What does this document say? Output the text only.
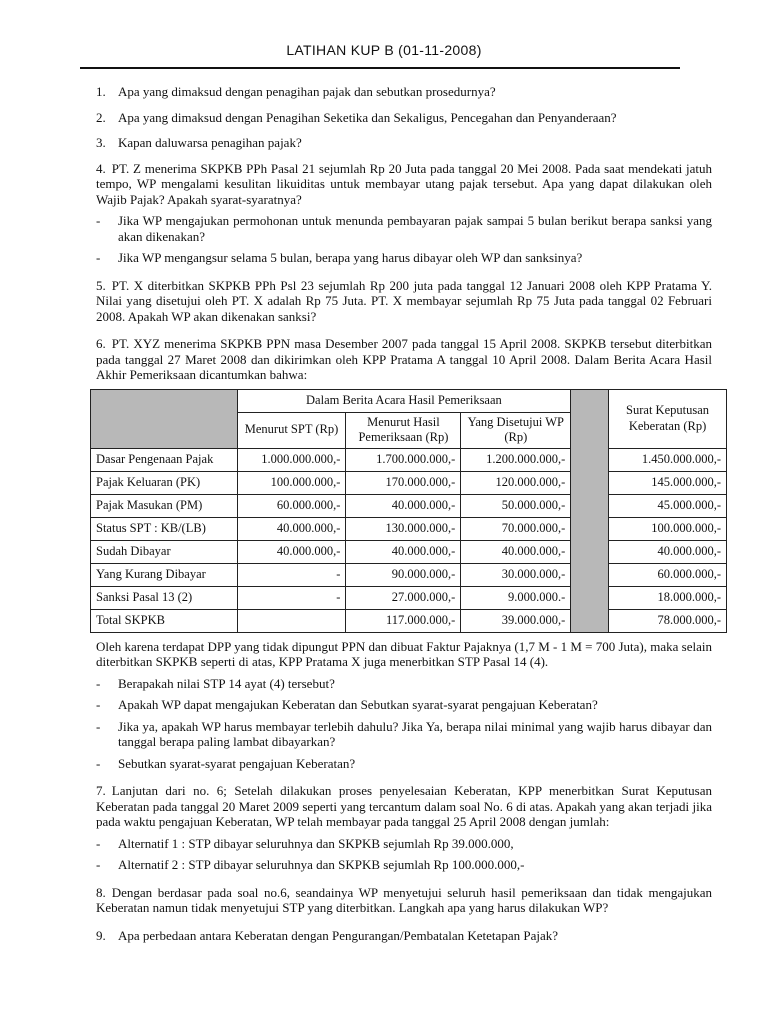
LATIHAN KUP B (01-11-2008)
1. Apa yang dimaksud dengan penagihan pajak dan sebutkan prosedurnya?
2. Apa yang dimaksud dengan Penagihan Seketika dan Sekaligus, Pencegahan dan Penyanderaan?
3. Kapan daluwarsa penagihan pajak?
4. PT. Z menerima SKPKB PPh Pasal 21 sejumlah Rp 20 Juta pada tanggal 20 Mei 2008. Pada saat mendekati jatuh tempo, WP mengalami kesulitan likuiditas untuk membayar utang pajak tersebut. Apa yang dapat dilakukan oleh Wajib Pajak? Apakah syarat-syaratnya?
-	Jika WP mengajukan permohonan untuk menunda pembayaran pajak sampai 5 bulan berikut berapa sanksi yang akan dikenakan?
-	Jika WP mengangsur selama 5 bulan, berapa yang harus dibayar oleh WP dan sanksinya?
5. PT. X diterbitkan SKPKB PPh Psl 23 sejumlah Rp 200 juta pada tanggal 12 Januari 2008 oleh KPP Pratama Y. Nilai yang disetujui oleh PT. X adalah Rp 75 Juta. PT. X membayar sejumlah Rp 75 Juta pada tanggal 02 Februari 2008. Apakah WP akan dikenakan sanksi?
6. PT. XYZ menerima SKPKB PPN masa Desember 2007 pada tanggal 15 April 2008. SKPKB tersebut diterbitkan pada tanggal 27 Maret 2008 dan dikirimkan oleh KPP Pratama A tanggal 10 April 2008. Dalam Berita Acara Hasil Akhir Pemeriksaan dicantumkan bahwa:
	Dalam Berita Acara Hasil Pemeriksaan				Surat Keputusan Keberatan (Rp)
	Menurut SPT (Rp)	Menurut Hasil Pemeriksaan (Rp)	Yang Disetujui WP (Rp)		
Dasar Pengenaan Pajak	1.000.000.000,-	1.700.000.000,-	1.200.000.000,-		1.450.000.000,-
Pajak Keluaran (PK)	100.000.000,-	170.000.000,-	120.000.000,-		145.000.000,-
Pajak Masukan (PM)	60.000.000,-	40.000.000,-	50.000.000,-		45.000.000,-
Status SPT : KB/(LB)	40.000.000,-	130.000.000,-	70.000.000,-		100.000.000,-
Sudah Dibayar	40.000.000,-	40.000.000,-	40.000.000,-		40.000.000,-
Yang Kurang Dibayar	-	90.000.000,-	30.000.000,-		60.000.000,-
Sanksi Pasal 13 (2)	-	27.000.000,-	9.000.000.-		18.000.000,-
Total SKPKB		117.000.000,-	39.000.000,-		78.000.000,-
Oleh karena terdapat DPP yang tidak dipungut PPN dan dibuat Faktur Pajaknya (1,7 M - 1 M = 700 Juta), maka selain diterbitkan SKPKB seperti di atas, KPP Pratama X juga menerbitkan STP Pasal 14 (4).
-	Berapakah nilai STP 14 ayat (4) tersebut?
-	Apakah WP dapat mengajukan Keberatan dan Sebutkan syarat-syarat pengajuan Keberatan?
-	Jika ya, apakah WP harus membayar terlebih dahulu? Jika Ya, berapa nilai minimal yang wajib harus dibayar dan tanggal berapa paling lambat dibayarkan?
-	Sebutkan syarat-syarat pengajuan Keberatan?
7. Lanjutan dari no. 6; Setelah dilakukan proses penyelesaian Keberatan, KPP menerbitkan Surat Keputusan Keberatan pada tanggal 20 Maret 2009 seperti yang tercantum dalam soal No. 6 di atas. Apakah yang akan terjadi jika pada waktu pengajuan Keberatan, WP telah membayar pada tanggal 25 April 2008 dengan jumlah:
-	Alternatif 1 : STP dibayar seluruhnya dan SKPKB sejumlah Rp 39.000.000,
-	Alternatif 2 : STP dibayar seluruhnya dan SKPKB sejumlah Rp 100.000.000,-
8. Dengan berdasar pada soal no.6, seandainya WP menyetujui seluruh hasil pemeriksaan dan tidak mengajukan Keberatan namun tidak menyetujui STP yang diterbitkan. Langkah apa yang harus dilakukan WP?
9. Apa perbedaan antara Keberatan dengan Pengurangan/Pembatalan Ketetapan Pajak?
